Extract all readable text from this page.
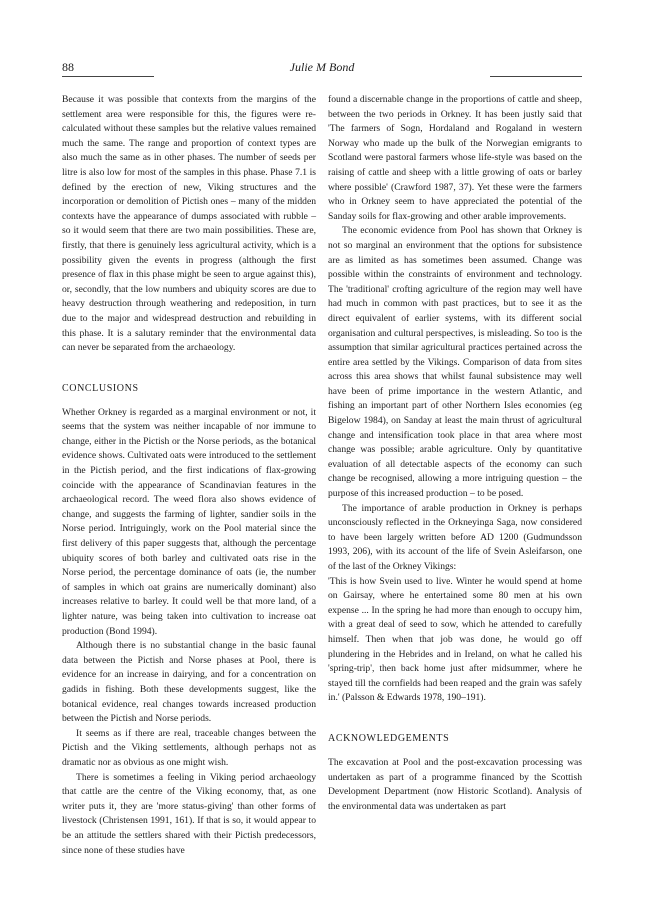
88	Julie M Bond

Because it was possible that contexts from the margins of the settlement area were responsible for this, the figures were re-calculated without these samples but the relative values remained much the same. The range and proportion of context types are also much the same as in other phases. The number of seeds per litre is also low for most of the samples in this phase. Phase 7.1 is defined by the erection of new, Viking structures and the incorporation or demolition of Pictish ones – many of the midden contexts have the appearance of dumps associated with rubble – so it would seem that there are two main possibilities. These are, firstly, that there is genuinely less agricultural activity, which is a possibility given the events in progress (although the first presence of flax in this phase might be seen to argue against this), or, secondly, that the low numbers and ubiquity scores are due to heavy destruction through weathering and redeposition, in turn due to the major and widespread destruction and rebuilding in this phase. It is a salutary reminder that the environmental data can never be separated from the archaeology.

CONCLUSIONS

Whether Orkney is regarded as a marginal environment or not, it seems that the system was neither incapable of nor immune to change, either in the Pictish or the Norse periods, as the botanical evidence shows. Cultivated oats were introduced to the settlement in the Pictish period, and the first indications of flax-growing coincide with the appearance of Scandinavian features in the archaeological record. The weed flora also shows evidence of change, and suggests the farming of lighter, sandier soils in the Norse period. Intriguingly, work on the Pool material since the first delivery of this paper suggests that, although the percentage ubiquity scores of both barley and cultivated oats rise in the Norse period, the percentage dominance of oats (ie, the number of samples in which oat grains are numerically dominant) also increases relative to barley. It could well be that more land, of a lighter nature, was being taken into cultivation to increase oat production (Bond 1994).

Although there is no substantial change in the basic faunal data between the Pictish and Norse phases at Pool, there is evidence for an increase in dairying, and for a concentration on gadids in fishing. Both these developments suggest, like the botanical evidence, real changes towards increased production between the Pictish and Norse periods.

It seems as if there are real, traceable changes between the Pictish and the Viking settlements, although perhaps not as dramatic nor as obvious as one might wish.

There is sometimes a feeling in Viking period archaeology that cattle are the centre of the Viking economy, that, as one writer puts it, they are 'more status-giving' than other forms of livestock (Christensen 1991, 161). If that is so, it would appear to be an attitude the settlers shared with their Pictish predecessors, since none of these studies have

found a discernable change in the proportions of cattle and sheep, between the two periods in Orkney. It has been justly said that 'The farmers of Sogn, Hordaland and Rogaland in western Norway who made up the bulk of the Norwegian emigrants to Scotland were pastoral farmers whose life-style was based on the raising of cattle and sheep with a little growing of oats or barley where possible' (Crawford 1987, 37). Yet these were the farmers who in Orkney seem to have appreciated the potential of the Sanday soils for flax-growing and other arable improvements.

The economic evidence from Pool has shown that Orkney is not so marginal an environment that the options for subsistence are as limited as has sometimes been assumed. Change was possible within the constraints of environment and technology. The 'traditional' crofting agriculture of the region may well have had much in common with past practices, but to see it as the direct equivalent of earlier systems, with its different social organisation and cultural perspectives, is misleading. So too is the assumption that similar agricultural practices pertained across the entire area settled by the Vikings. Comparison of data from sites across this area shows that whilst faunal subsistence may well have been of prime importance in the western Atlantic, and fishing an important part of other Northern Isles economies (eg Bigelow 1984), on Sanday at least the main thrust of agricultural change and intensification took place in that area where most change was possible; arable agriculture. Only by quantitative evaluation of all detectable aspects of the economy can such change be recognised, allowing a more intriguing question – the purpose of this increased production – to be posed.

The importance of arable production in Orkney is perhaps unconsciously reflected in the Orkneyinga Saga, now considered to have been largely written before AD 1200 (Gudmundsson 1993, 206), with its account of the life of Svein Asleifarson, one of the last of the Orkney Vikings:

'This is how Svein used to live. Winter he would spend at home on Gairsay, where he entertained some 80 men at his own expense ... In the spring he had more than enough to occupy him, with a great deal of seed to sow, which he attended to carefully himself. Then when that job was done, he would go off plundering in the Hebrides and in Ireland, on what he called his 'spring-trip', then back home just after midsummer, where he stayed till the cornfields had been reaped and the grain was safely in.' (Palsson & Edwards 1978, 190–191).

ACKNOWLEDGEMENTS

The excavation at Pool and the post-excavation processing was undertaken as part of a programme financed by the Scottish Development Department (now Historic Scotland). Analysis of the environmental data was undertaken as part
